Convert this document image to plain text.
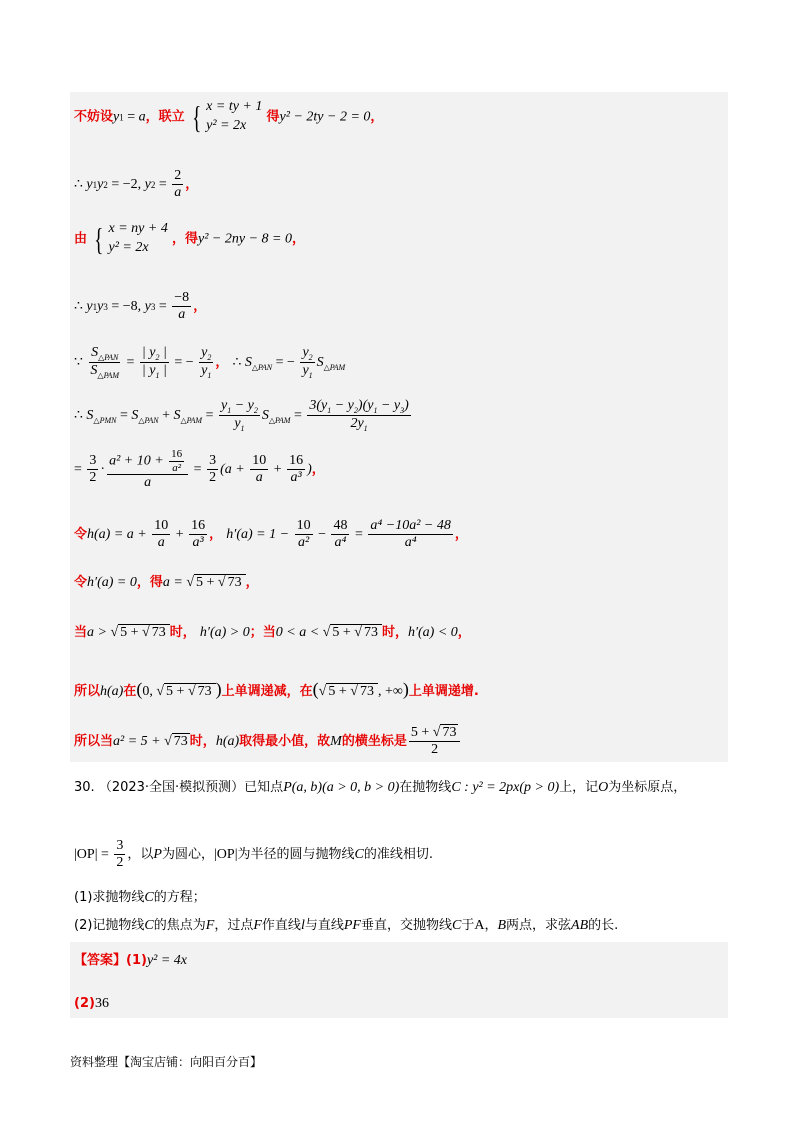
不妨设y1 = a，联立 { x = ty + 1
y² = 2x
得y² − 2ty − 2 = 0，
∴ y1y2 = −2, $y2 = \frac{2}{a}$ ，
由 { x = ny + 4
y² = 2x
，得y² − 2ny − 8 = 0，
∴ y1y3 = −8, $y3 = \frac{-8}{a}$ ，
∵ $\frac{S_{\triangle PAN}}{S_{\triangle PAM}} = \frac{| y_2 |}{| y_1 |}$ = − $\frac{y_2}{y_1}$ ， ∴ $S_{\triangle PAN}$ = − $\frac{y_2}{y_1} S_{\triangle PAM}$
∴ $S_{\triangle PMN} = S_{\triangle PAN} + S_{\triangle PAM} = \frac{y_1 - y_2}{y_1} S_{\triangle PAM} = \frac{3(y_1 - y_2)(y_1 - y_3)}{2y_1}$
= $\frac{3}{2} \cdot \frac{a^2 + 10 + \frac{16}{\text{a²}}}{a} = \frac{3}{2} (a + \frac{10}{a} + \frac{16}{\text{a³}}$ )，
令$h(a) = a + \frac{10}{a} + \frac{16}{\text{a³}}$ ， $h'(a) = 1 - \frac{10}{\text{a²}} - \frac{48}{\text{a⁴}} = \frac{\text{a⁴ −10a² − 48}}{\text{a⁴}}$ ，
令h′(a) = 0，得a = √ 5 + √ 73 ，
当a > √ 5 + √ 73 时， h′(a) > 0；当0 < a < √ 5 + √ 73 时，h′(a) < 0，
所以h(a)在(0, √ 5 + √ 73 )上单调递减，在(√ 5 + √ 73 , +∞)上单调递增.
所以当a² = 5 + √ 73 时，h(a)取得最小值，故M的横坐标是 $\frac{5 + √ 73}{2}$
30. （2023·全国·模拟预测）已知点P(a, b)(a > 0, b > 0)在抛物线C : y² = 2px(p > 0)上，记O为坐标原点，
$|OP| = \frac{3}{2}$ ，以P为圆心，|OP|为半径的圆与抛物线C的准线相切.
(1)求抛物线C的方程；
(2)记抛物线C的焦点为F，过点F作直线l与直线PF垂直，交抛物线C于A，B两点，求弦AB的长.
【答案】(1)y² = 4x
(2)36
资料整理【淘宝店铺：向阳百分百】
